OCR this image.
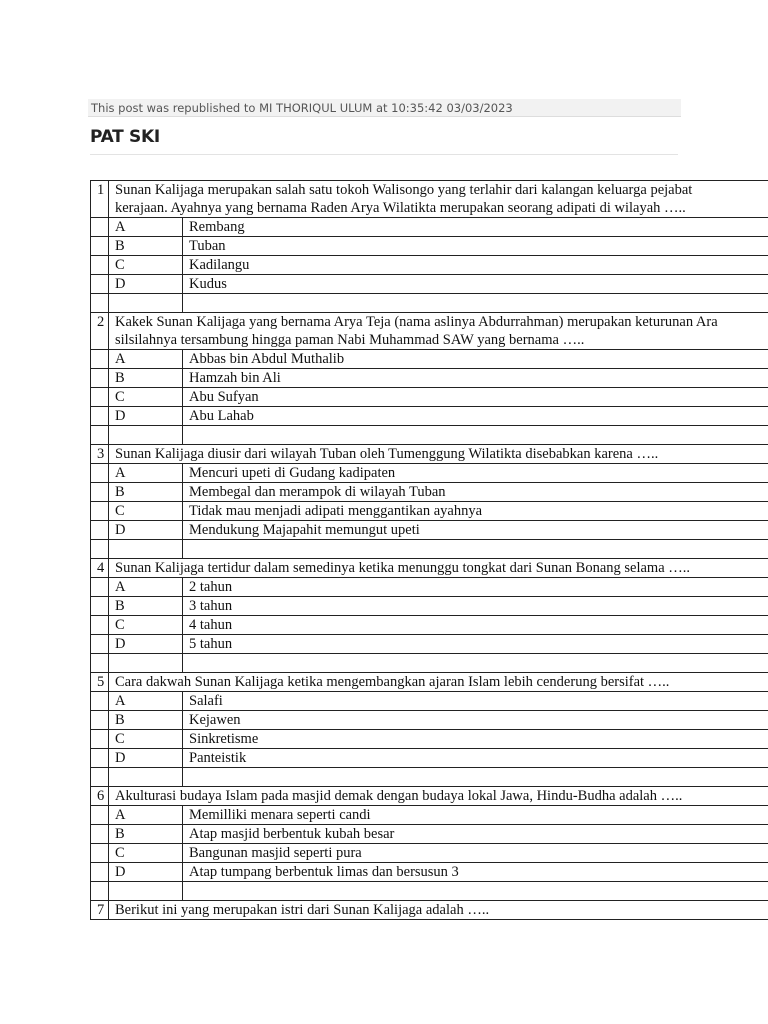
This post was republished to MI THORIQUL ULUM at 10:35:42 03/03/2023
PAT SKI
1	Sunan Kalijaga merupakan salah satu tokoh Walisongo yang terlahir dari kalangan keluarga pejabat
kerajaan. Ayahnya yang bernama Raden Arya Wilatikta merupakan seorang adipati di wilayah …..	

	A	Rembang
	B	Tuban
	C	Kadilangu
	D	Kudus

2	Kakek Sunan Kalijaga yang bernama Arya Teja (nama aslinya Abdurrahman) merupakan keturunan Ara
silsilahnya tersambung hingga paman Nabi Muhammad SAW yang bernama …..	

	A	Abbas bin Abdul Muthalib
	B	Hamzah bin Ali
	C	Abu Sufyan
	D	Abu Lahab

3	Sunan Kalijaga diusir dari wilayah Tuban oleh Tumenggung Wilatikta disebabkan karena …..	

	A	Mencuri upeti di Gudang kadipaten
	B	Membegal dan merampok di wilayah Tuban
	C	Tidak mau menjadi adipati menggantikan ayahnya
	D	Mendukung Majapahit memungut upeti

4	Sunan Kalijaga tertidur dalam semedinya ketika menunggu tongkat dari Sunan Bonang selama …..	

	A	2 tahun
	B	3 tahun
	C	4 tahun
	D	5 tahun

5	Cara dakwah Sunan Kalijaga ketika mengembangkan ajaran Islam lebih cenderung bersifat …..	

	A	Salafi
	B	Kejawen
	C	Sinkretisme
	D	Panteistik

6	Akulturasi budaya Islam pada masjid demak dengan budaya lokal Jawa, Hindu-Budha adalah …..	

	A	Memilliki menara seperti candi
	B	Atap masjid berbentuk kubah besar
	C	Bangunan masjid seperti pura
	D	Atap tumpang berbentuk limas dan bersusun 3

7	Berikut ini yang merupakan istri dari Sunan Kalijaga adalah …..	
